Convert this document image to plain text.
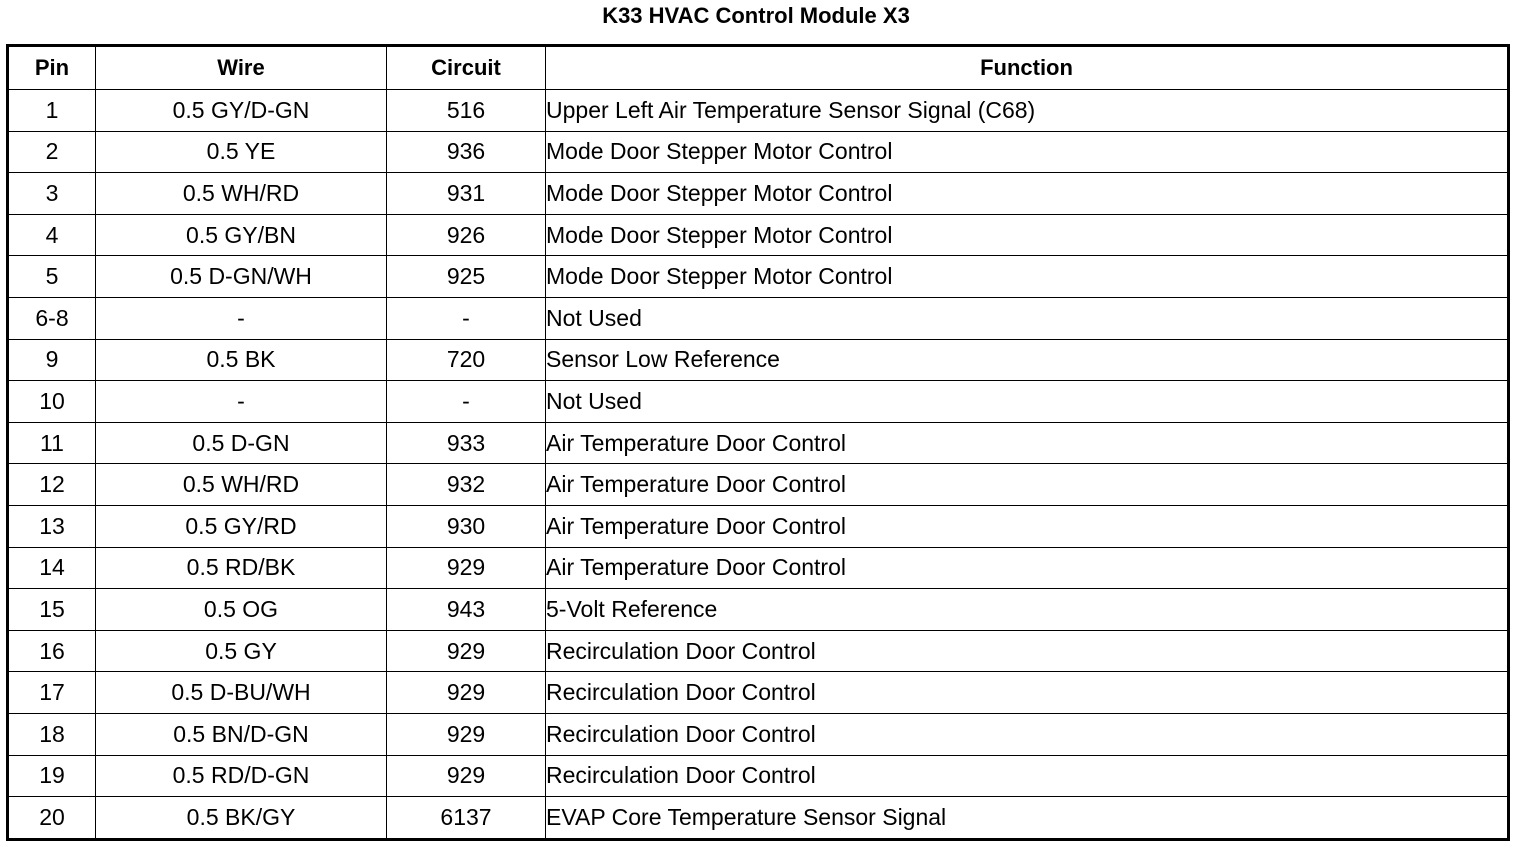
K33 HVAC Control Module X3
Pin	Wire	Circuit	Function
1	0.5 GY/D-GN	516	Upper Left Air Temperature Sensor Signal (C68)
2	0.5 YE	936	Mode Door Stepper Motor Control
3	0.5 WH/RD	931	Mode Door Stepper Motor Control
4	0.5 GY/BN	926	Mode Door Stepper Motor Control
5	0.5 D-GN/WH	925	Mode Door Stepper Motor Control
6-8	-	-	Not Used
9	0.5 BK	720	Sensor Low Reference
10	-	-	Not Used
11	0.5 D-GN	933	Air Temperature Door Control
12	0.5 WH/RD	932	Air Temperature Door Control
13	0.5 GY/RD	930	Air Temperature Door Control
14	0.5 RD/BK	929	Air Temperature Door Control
15	0.5 OG	943	5-Volt Reference
16	0.5 GY	929	Recirculation Door Control
17	0.5 D-BU/WH	929	Recirculation Door Control
18	0.5 BN/D-GN	929	Recirculation Door Control
19	0.5 RD/D-GN	929	Recirculation Door Control
20	0.5 BK/GY	6137	EVAP Core Temperature Sensor Signal
